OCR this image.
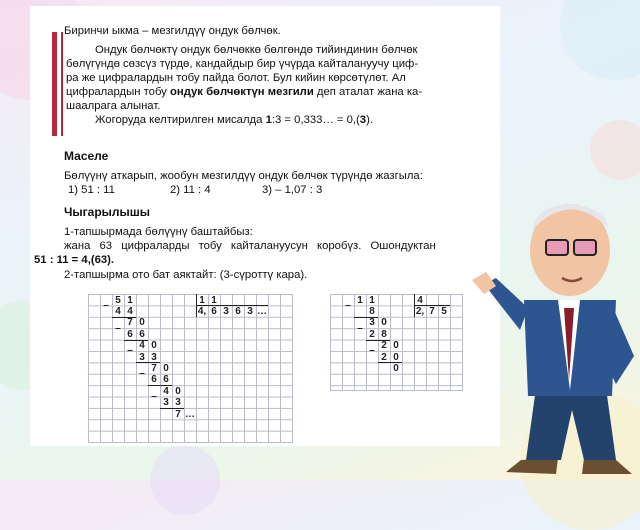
Биринчи ыкма – мезгилдүү ондук бөлчөк.
Ондук бөлчөктү ондук бөлчөккө бөлгөндө тийиндинин бөлчөк
бөлүгүндө сөзсүз түрдө, кандайдыр бир үчүрда кайталануучу циф-
ра же цифралардын тобу пайда болот. Бул кийин көрсөтүлөт. Ал
цифралардын тобу ондук бөлчөктүн мезгили деп аталат жана ка-
шаалрага алынат.
Жогоруда келтирилген мисалда 1:3 = 0,333… = 0,(3).
Маселе
Бөлүүнү аткарып, жообун мезгилдүү ондук бөлчөк түрүндө жазгыла:
1) 51 : 11	2) 11 : 4	3) – 1,07 : 3
Чыгарылышы
1-тапшырмада бөлүүнү баштайбыз:
жана 63 цифраларды тобу кайталануусун коробүз. Ошондуктан
51 : 11 = 4,(63).
2-тапшырма ото бат аяктайт: (3-сүроттү кара).
5 1	1 1
4 4	4, 6 3 6 3 …
7 0
6 6
4 0
3 3
7 0
6 6
4 0
3 3
7 …
–
–
–
–
–
1 1	4
8	2, 7 5
3 0
2 8
2 0
2 0
0
–
–
–
